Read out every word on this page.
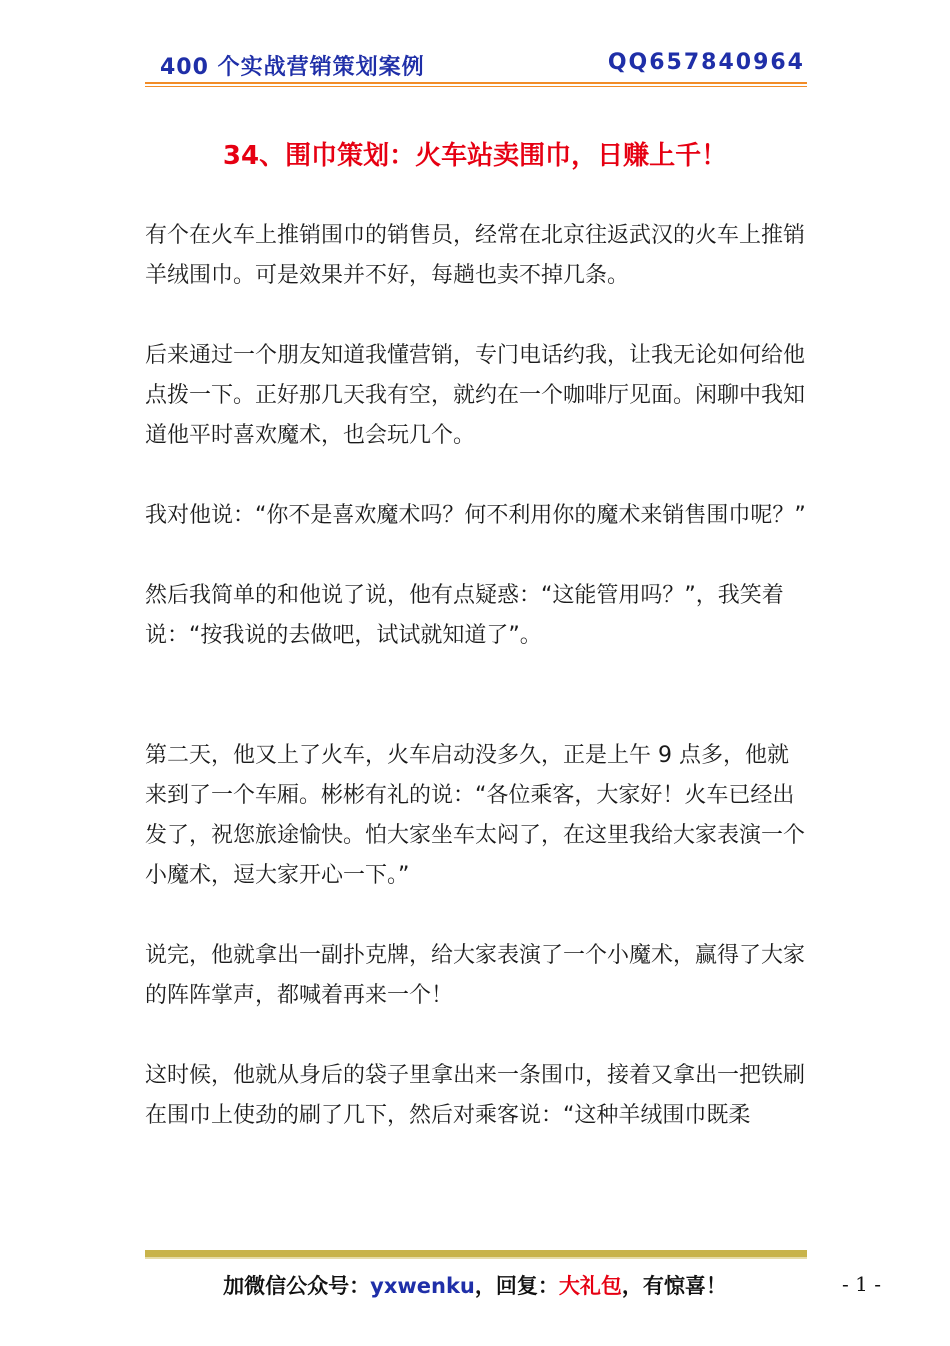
400 个实战营销策划案例	QQ657840964
34、围巾策划：火车站卖围巾，日赚上千！

有个在火车上推销围巾的销售员，经常在北京往返武汉的火车上推销羊绒围巾。可是效果并不好，每趟也卖不掉几条。

后来通过一个朋友知道我懂营销，专门电话约我，让我无论如何给他点拨一下。正好那几天我有空，就约在一个咖啡厅见面。闲聊中我知道他平时喜欢魔术，也会玩几个。

我对他说：“你不是喜欢魔术吗？何不利用你的魔术来销售围巾呢？”

然后我简单的和他说了说，他有点疑惑：“这能管用吗？”，我笑着说：“按我说的去做吧，试试就知道了”。

第二天，他又上了火车，火车启动没多久，正是上午 9 点多，他就来到了一个车厢。彬彬有礼的说：“各位乘客，大家好！火车已经出发了，祝您旅途愉快。怕大家坐车太闷了，在这里我给大家表演一个小魔术，逗大家开心一下。”

说完，他就拿出一副扑克牌，给大家表演了一个小魔术，赢得了大家的阵阵掌声，都喊着再来一个！

这时候，他就从身后的袋子里拿出来一条围巾，接着又拿出一把铁刷在围巾上使劲的刷了几下，然后对乘客说：“这种羊绒围巾既柔

加微信公众号：yxwenku，回复：大礼包，有惊喜！	- 1 -
